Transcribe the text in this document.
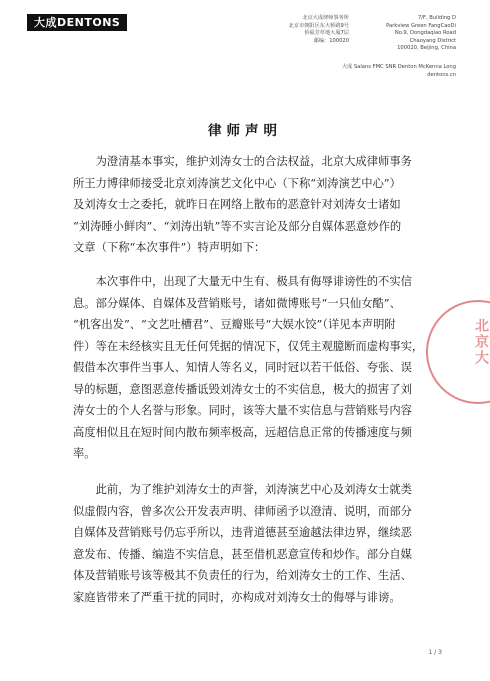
大成DENTONS	北京大成律师事务所
北京市朝阳区东大桥路9号
侨福芳草地大厦7层
邮编：100020
7/F, Building D
Parkview Green FangCaoDi
No.9, Dongdaqiao Road
Chaoyang District
100020, Beijing, China
大成 Salans FMC SNR Denton McKenna Long
dentons.cn
律师声明
为澄清基本事实，维护刘涛女士的合法权益，北京大成律师事务
所王力博律师接受北京刘涛演艺文化中心（下称“刘涛演艺中心”）
及刘涛女士之委托，就昨日在网络上散布的恶意针对刘涛女士诸如
“刘涛睡小鲜肉”、“刘涛出轨”等不实言论及部分自媒体恶意炒作的
文章（下称“本次事件”）特声明如下：
本次事件中，出现了大量无中生有、极具有侮辱诽谤性的不实信
息。部分媒体、自媒体及营销账号，诸如微博账号“一只仙女酷”、
“机客出发”、“文艺吐槽君”、豆瓣账号“大娱水饺”（详见本声明附
件）等在未经核实且无任何凭据的情况下，仅凭主观臆断而虚构事实，
假借本次事件当事人、知情人等名义，同时冠以若干低俗、夸张、误
导的标题，意图恶意传播诋毁刘涛女士的不实信息，极大的损害了刘
涛女士的个人名誉与形象。同时，该等大量不实信息与营销账号内容
高度相似且在短时间内散布频率极高，远超信息正常的传播速度与频
率。
此前，为了维护刘涛女士的声誉，刘涛演艺中心及刘涛女士就类
似虚假内容，曾多次公开发表声明、律师函予以澄清、说明，而部分
自媒体及营销账号仍忘乎所以，违背道德甚至逾越法律边界，继续恶
意发布、传播、编造不实信息，甚至借机恶意宣传和炒作。部分自媒
体及营销账号该等极其不负责任的行为，给刘涛女士的工作、生活、
家庭皆带来了严重干扰的同时，亦构成对刘涛女士的侮辱与诽谤。
北京大
1 / 3
